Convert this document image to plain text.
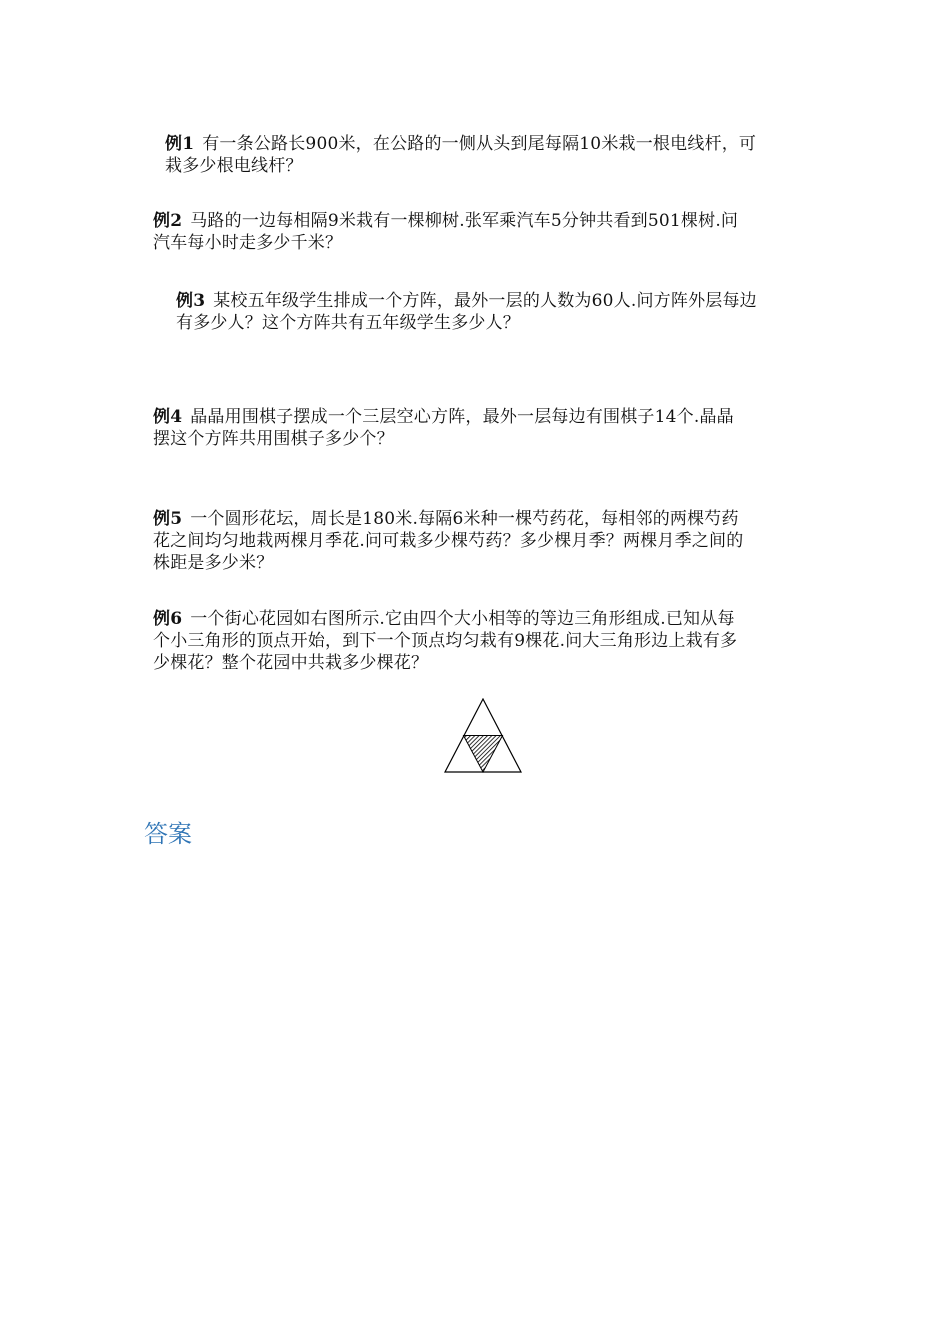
例1 有一条公路长900米，在公路的一侧从头到尾每隔10米栽一根电线杆，可
栽多少根电线杆？
例2 马路的一边每相隔9米栽有一棵柳树.张军乘汽车5分钟共看到501棵树.问
汽车每小时走多少千米？
例3 某校五年级学生排成一个方阵，最外一层的人数为60人.问方阵外层每边
有多少人？这个方阵共有五年级学生多少人？
例4 晶晶用围棋子摆成一个三层空心方阵，最外一层每边有围棋子14个.晶晶
摆这个方阵共用围棋子多少个？
例5 一个圆形花坛，周长是180米.每隔6米种一棵芍药花，每相邻的两棵芍药
花之间均匀地栽两棵月季花.问可栽多少棵芍药？多少棵月季？两棵月季之间的
株距是多少米？
例6 一个街心花园如右图所示.它由四个大小相等的等边三角形组成.已知从每
个小三角形的顶点开始，到下一个顶点均匀栽有9棵花.问大三角形边上栽有多
少棵花？整个花园中共栽多少棵花？
答案
